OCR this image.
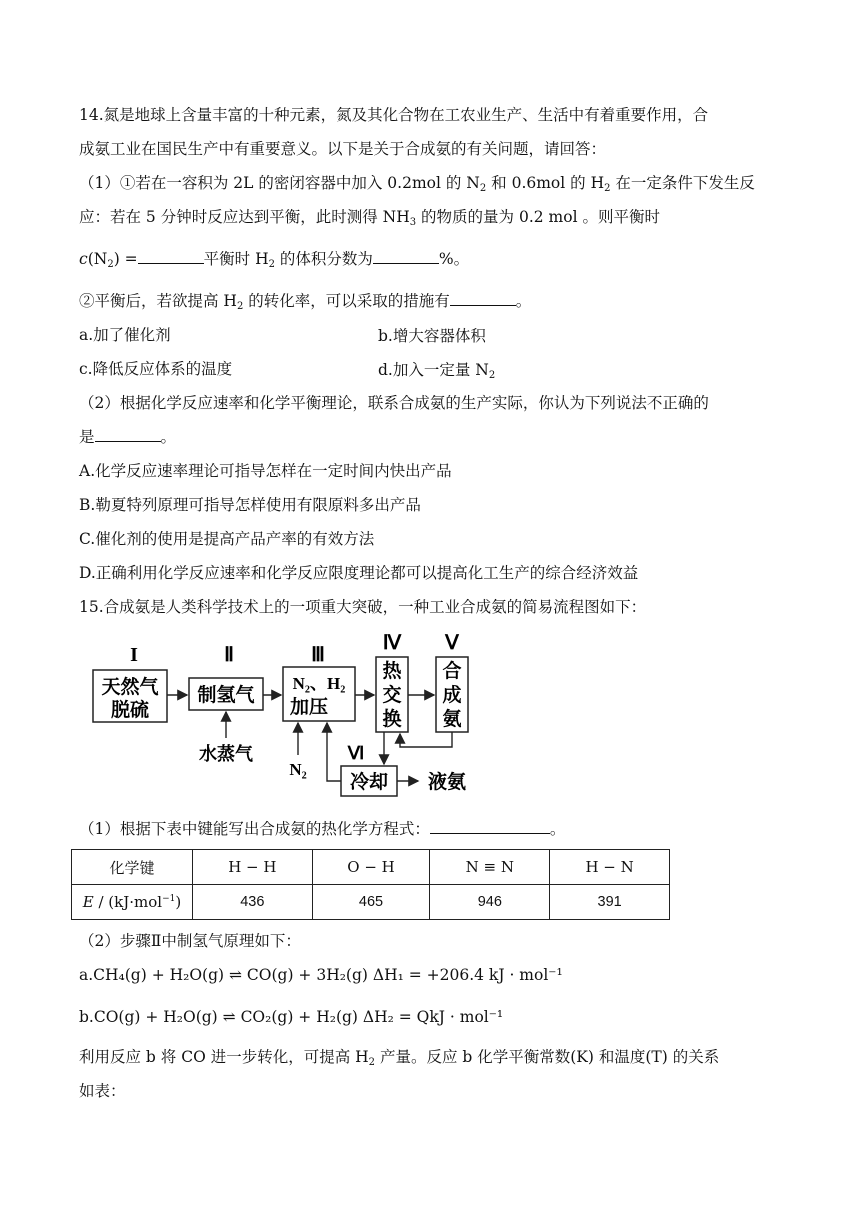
14.氮是地球上含量丰富的十种元素，氮及其化合物在工农业生产、生活中有着重要作用，合
成氨工业在国民生产中有重要意义。以下是关于合成氨的有关问题，请回答：
（1）①若在一容积为 2L 的密闭容器中加入 0.2mol 的 $N_2$ 和 0.6mol 的 $H_2$ 在一定条件下发生反
应：若在 5 分钟时反应达到平衡，此时测得 $NH_3$ 的物质的量为 0.2 mol 。则平衡时
$c(N_2)$ =	平衡时 $H_2$ 的体积分数为	%。
②平衡后，若欲提高 $H_2$ 的转化率，可以采取的措施有	。
a.加了催化剂	b.增大容器体积
c.降低反应体系的温度	d.加入一定量 $N_2$
（2）根据化学反应速率和化学平衡理论，联系合成氨的生产实际，你认为下列说法不正确的
是	。
A.化学反应速率理论可指导怎样在一定时间内快出产品
B.勒夏特列原理可指导怎样使用有限原料多出产品
C.催化剂的使用是提高产品产率的有效方法
D.正确利用化学反应速率和化学反应限度理论都可以提高化工生产的综合经济效益
15.合成氨是人类科学技术上的一项重大突破，一种工业合成氨的简易流程图如下：
I	Ⅱ	Ⅲ
Ⅳ Ⅴ
Ⅵ
天然气
脱硫
制氢气
N₂、H₂
加压
热
交
换
合
成
氨
冷却
水蒸气
N₂
液氨
（1）根据下表中键能写出合成氨的热化学方程式：	。
化学键	H − H	O − H	N ≡ N	H − N
E / (kJ·mol$^{-1}$)	436	465	946	391
（2）步骤Ⅱ中制氢气原理如下：
a.CH₄(g) + H₂O(g) ⇌ CO(g) + 3H₂(g) ΔH₁ = +206.4 kJ · mol⁻¹
b.CO(g) + H₂O(g) ⇌ CO₂(g) + H₂(g) ΔH₂ = QkJ · mol⁻¹
利用反应 b 将 CO 进一步转化，可提高 $H_2$ 产量。反应 b 化学平衡常数(K) 和温度(T) 的关系
如表：
